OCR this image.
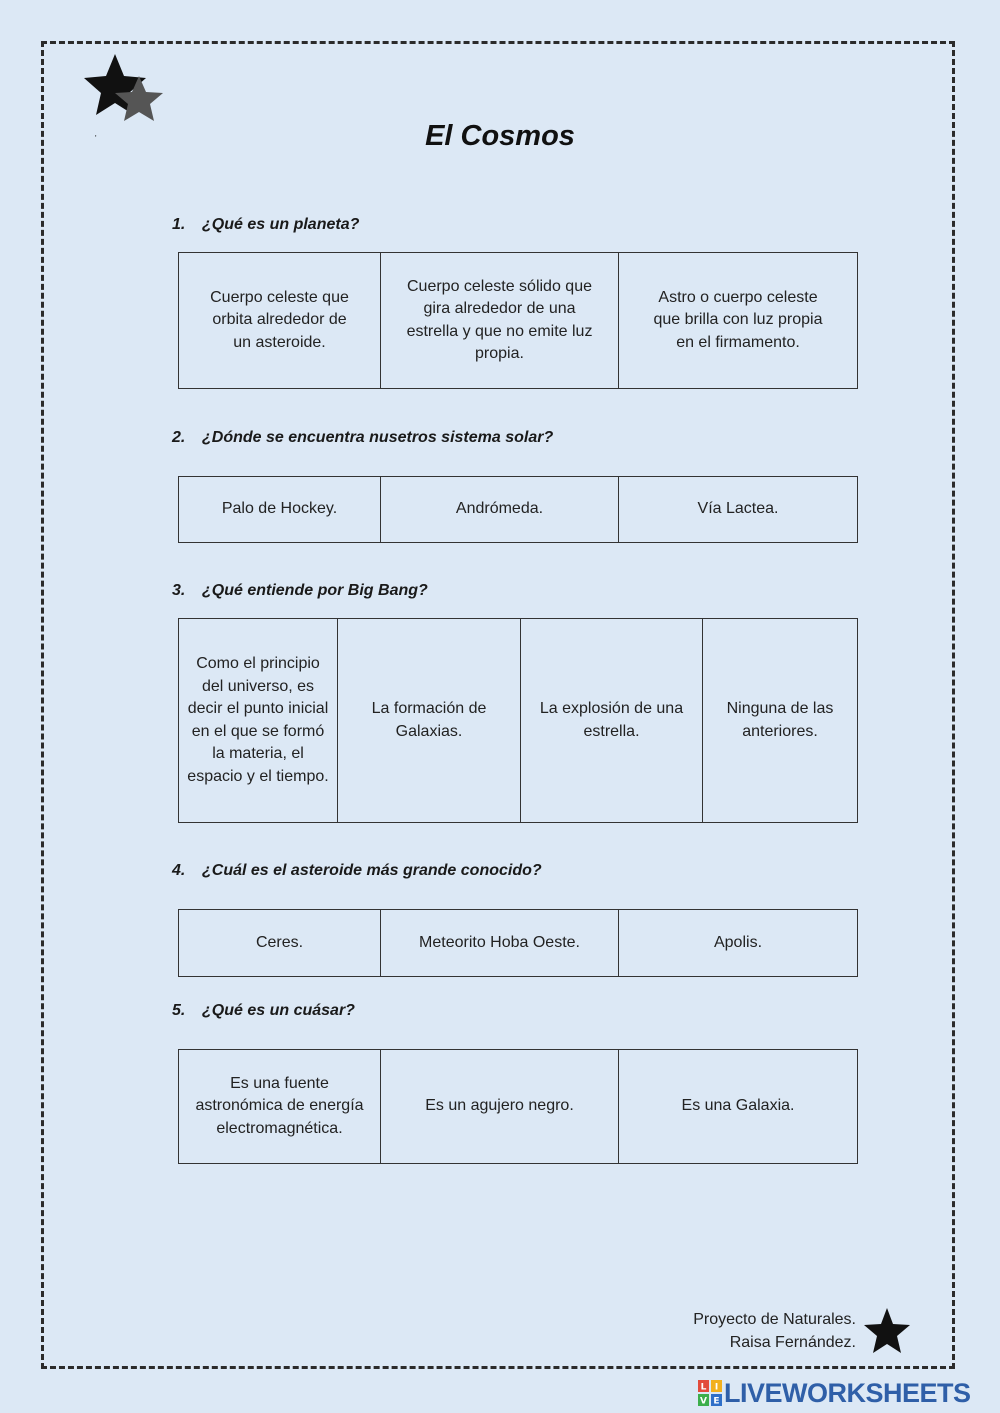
'	El Cosmos
1. ¿Qué es un planeta?
Cuerpo celeste que orbita alrededor de un asteroide.	Cuerpo celeste sólido que gira alrededor de una estrella y que no emite luz propia.	Astro o cuerpo celeste que brilla con luz propia en el firmamento.
2. ¿Dónde se encuentra nusetros sistema solar?
Palo de Hockey.	Andrómeda.	Vía Lactea.
3. ¿Qué entiende por Big Bang?
Como el principio del universo, es decir el punto inicial en el que se formó la materia, el espacio y el tiempo.	La formación de Galaxias.	La explosión de una estrella.	Ninguna de las anteriores.
4. ¿Cuál es el asteroide más grande conocido?
Ceres.	Meteorito Hoba Oeste.	Apolis.
5. ¿Qué es un cuásar?
Es una fuente astronómica de energía electromagnética.	Es un agujero negro.	Es una Galaxia.
Proyecto de Naturales.
Raisa Fernández.
L I
V E LIVEWORKSHEETS
